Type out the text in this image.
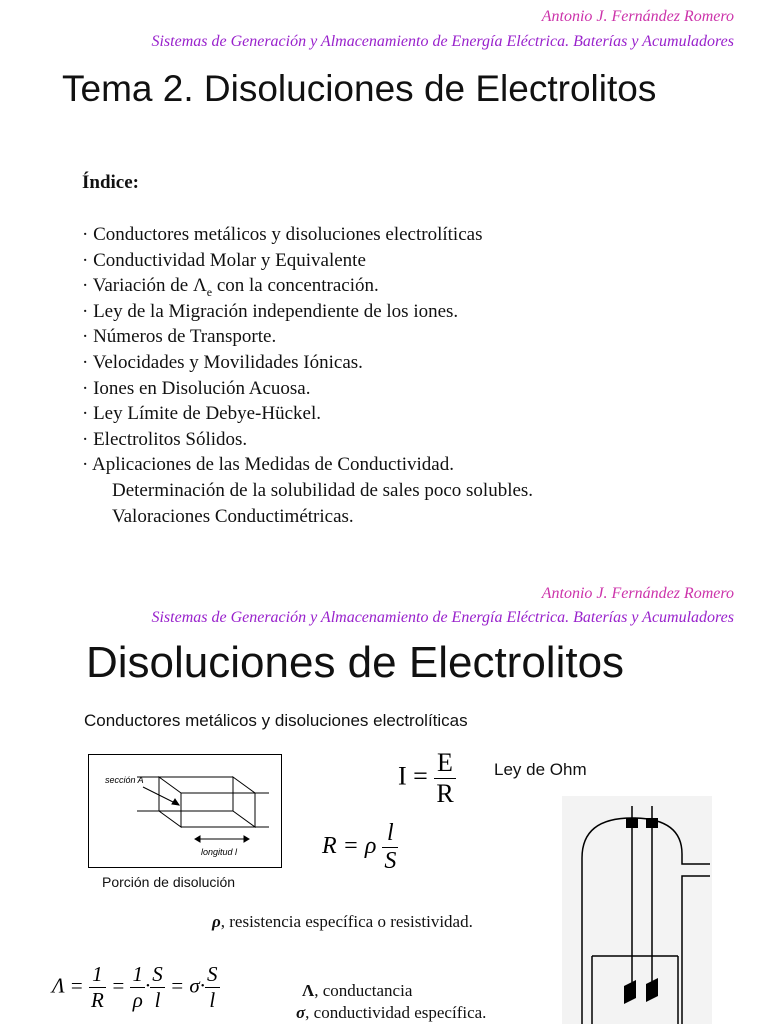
Antonio J. Fernández Romero
Sistemas de Generación y Almacenamiento de Energía Eléctrica. Baterías y Acumuladores
Tema 2. Disoluciones de Electrolitos
Índice:
· Conductores metálicos y disoluciones electrolíticas
· Conductividad Molar y Equivalente
· Variación de $\Lambda_e$ con la concentración.
· Ley de la Migración independiente de los iones.
· Números de Transporte.
· Velocidades y Movilidades Iónicas.
· Iones en Disolución Acuosa.
· Ley Límite de Debye-Hückel.
· Electrolitos Sólidos.
· Aplicaciones de las Medidas de Conductividad.
Determinación de la solubilidad de sales poco solubles.
Valoraciones Conductimétricas.
Antonio J. Fernández Romero
Sistemas de Generación y Almacenamiento de Energía Eléctrica. Baterías y Acumuladores
Disoluciones de Electrolitos
Conductores metálicos y disoluciones electrolíticas
sección A
longitud l
Porción de disolución
$I = \frac{E}{R}$ Ley de Ohm
R = ρ $\frac{l}{S}$
ρ, resistencia específica o resistividad.
$\Lambda = \frac{1}{R} = \frac{1}{\rho} \cdot \frac{S}{l} = \sigma\cdot \frac{S}{l}$	Λ, conductancia
σ, conductividad específica.
